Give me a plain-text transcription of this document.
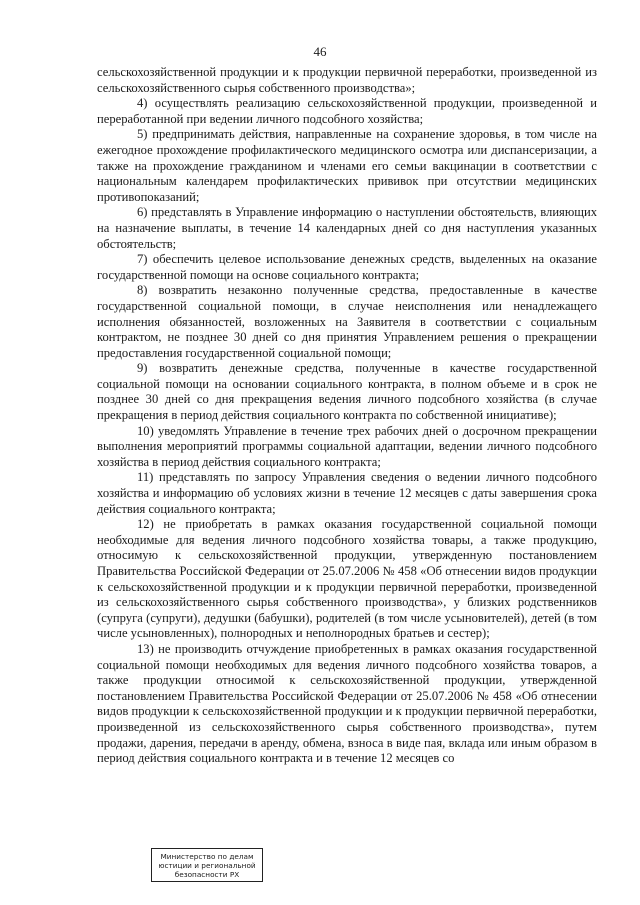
46

сельскохозяйственной продукции и к продукции первичной переработки, произведенной из сельскохозяйственного сырья собственного производства»;

4) осуществлять реализацию сельскохозяйственной продукции, произведенной и переработанной при ведении личного подсобного хозяйства;

5) предпринимать действия, направленные на сохранение здоровья, в том числе на ежегодное прохождение профилактического медицинского осмотра или диспансеризации, а также на прохождение гражданином и членами его семьи вакцинации в соответствии с национальным календарем профилактических прививок при отсутствии медицинских противопоказаний;

6) представлять в Управление информацию о наступлении обстоятельств, влияющих на назначение выплаты, в течение 14 календарных дней со дня наступления указанных обстоятельств;

7) обеспечить целевое использование денежных средств, выделенных на оказание государственной помощи на основе социального контракта;

8) возвратить незаконно полученные средства, предоставленные в качестве государственной социальной помощи, в случае неисполнения или ненадлежащего исполнения обязанностей, возложенных на Заявителя в соответствии с социальным контрактом, не позднее 30 дней со дня принятия Управлением решения о прекращении предоставления государственной социальной помощи;

9) возвратить денежные средства, полученные в качестве государственной социальной помощи на основании социального контракта, в полном объеме и в срок не позднее 30 дней со дня прекращения ведения личного подсобного хозяйства (в случае прекращения в период действия социального контракта по собственной инициативе);

10) уведомлять Управление в течение трех рабочих дней о досрочном прекращении выполнения мероприятий программы социальной адаптации, ведении личного подсобного хозяйства в период действия социального контракта;

11) представлять по запросу Управления сведения о ведении личного подсобного хозяйства и информацию об условиях жизни в течение 12 месяцев с даты завершения срока действия социального контракта;

12) не приобретать в рамках оказания государственной социальной помощи необходимые для ведения личного подсобного хозяйства товары, а также продукцию, относимую к сельскохозяйственной продукции, утвержденную постановлением Правительства Российской Федерации от 25.07.2006 № 458 «Об отнесении видов продукции к сельскохозяйственной продукции и к продукции первичной переработки, произведенной из сельскохозяйственного сырья собственного производства», у близких родственников (супруга (супруги), дедушки (бабушки), родителей (в том числе усыновителей), детей (в том числе усыновленных), полнородных и неполнородных братьев и сестер);

13) не производить отчуждение приобретенных в рамках оказания государственной социальной помощи необходимых для ведения личного подсобного хозяйства товаров, а также продукции относимой к сельскохозяйственной продукции, утвержденной постановлением Правительства Российской Федерации от 25.07.2006 № 458 «Об отнесении видов продукции к сельскохозяйственной продукции и к продукции первичной переработки, произведенной из сельскохозяйственного сырья собственного производства», путем продажи, дарения, передачи в аренду, обмена, взноса в виде пая, вклада или иным образом в период действия социального контракта и в течение 12 месяцев со

Министерство по делам
юстиции и региональной
безопасности РХ
